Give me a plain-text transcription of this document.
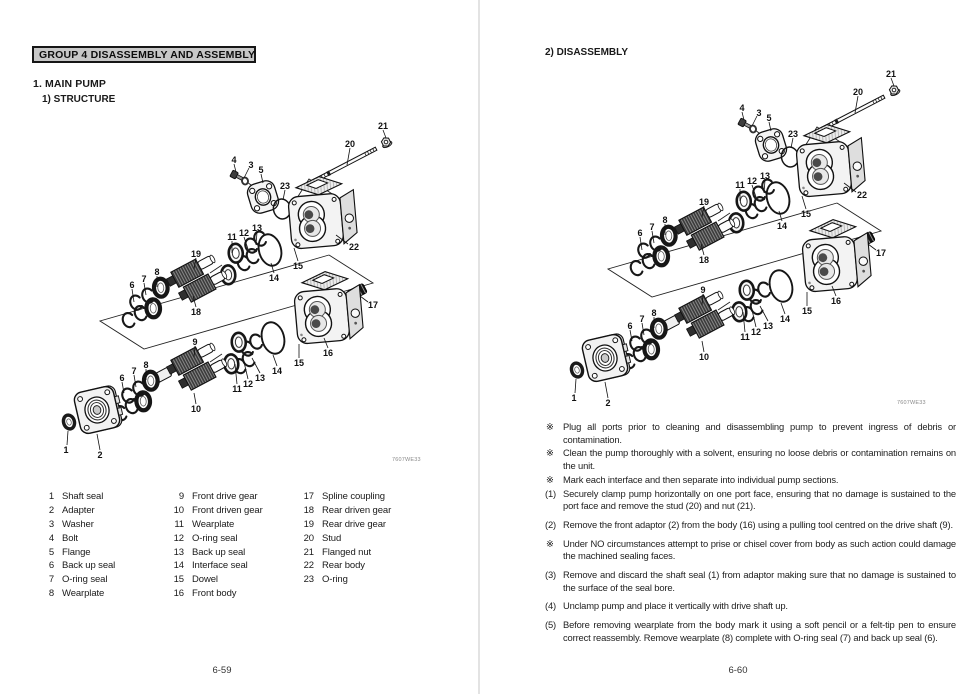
GROUP 4 DISASSEMBLY AND ASSEMBLY
1. MAIN PUMP
1) STRUCTURE
7607WE33
1 Shaft seal
2 Adapter
3 Washer
4 Bolt
5 Flange
6 Back up seal
7 O-ring seal
8 Wearplate
9 Front drive gear
10 Front driven gear
11 Wearplate
12 O-ring seal
13 Back up seal
14 Interface seal
15 Dowel
16 Front body
17 Spline coupling
18 Rear driven gear
19 Rear drive gear
20 Stud
21 Flanged nut
22 Rear body
23 O-ring
6-59
2) DISASSEMBLY
7607WE33

※ Plug all ports prior to cleaning and disassembling pump to prevent ingress of debris or contamination.

※ Clean the pump thoroughly with a solvent, ensuring no loose debris or contamination remains on the unit.

※ Mark each interface and then separate into individual pump sections.

(1) Securely clamp pump horizontally on one port face, ensuring that no damage is sustained to the port face and remove the stud (20) and nut (21).

(2) Remove the front adaptor (2) from the body (16) using a pulling tool centred on the drive shaft (9).

※ Under NO circumstances attempt to prise or chisel cover from body as such action could damage the machined sealing faces.

(3) Remove and discard the shaft seal (1) from adaptor making sure that no damage is sustained to the surface of the seal bore.

(4) Unclamp pump and place it vertically with drive shaft up.

(5) Before removing wearplate from the body mark it using a soft pencil or a felt-tip pen to ensure correct reassembly. Remove wearplate (8) complete with O-ring seal (7) and back up seal (6).

6-60
